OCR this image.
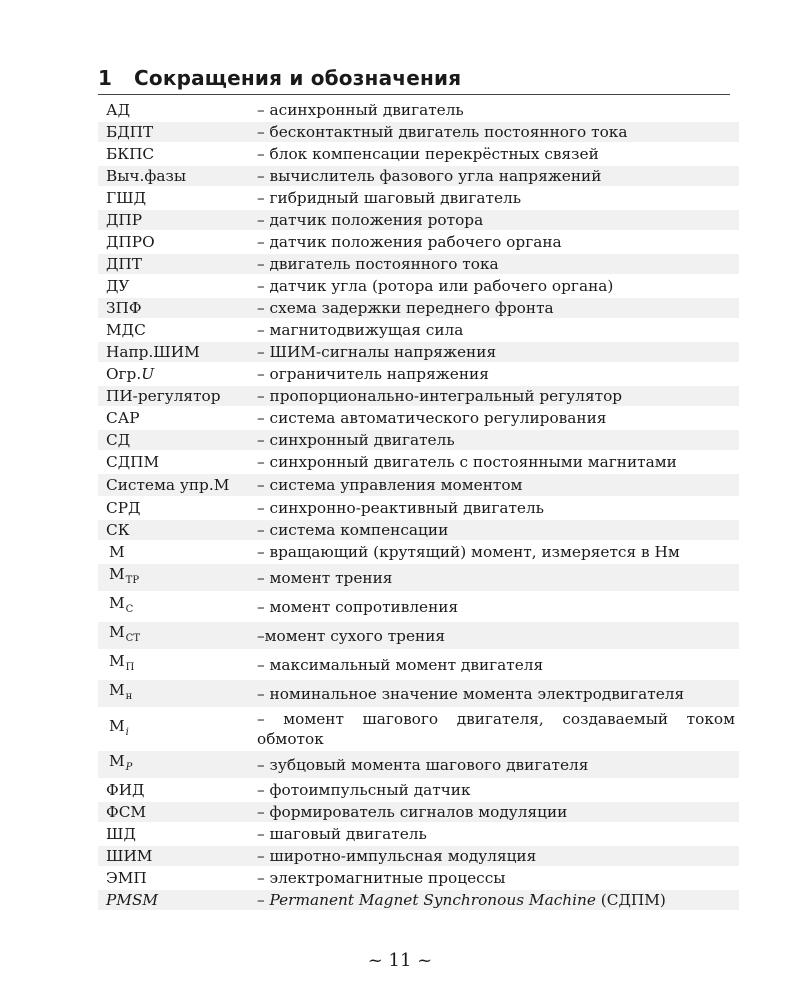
1 Сокращения и обозначения
АД	– асинхронный двигатель
БДПТ	– бесконтактный двигатель постоянного тока
БКПС	– блок компенсации перекрёстных связей
Выч.фазы	– вычислитель фазового угла напряжений
ГШД	– гибридный шаговый двигатель
ДПР	– датчик положения ротора
ДПРО	– датчик положения рабочего органа
ДПТ	– двигатель постоянного тока
ДУ	– датчик угла (ротора или рабочего органа)
ЗПФ	– схема задержки переднего фронта
МДС	– магнитодвижущая сила
Напр.ШИМ	– ШИМ-сигналы напряжения
Огр.U	– ограничитель напряжения
ПИ-регулятор	– пропорционально-интегральный регулятор
САР	– система автоматического регулирования
СД	– синхронный двигатель
СДПМ	– синхронный двигатель с постоянными магнитами
Система упр.М	– система управления моментом
СРД	– синхронно-реактивный двигатель
СК	– система компенсации
М	– вращающий (крутящий) момент, измеряется в Нм
$М_{ТР}$	– момент трения
$М_С$	– момент сопротивления
$М_{СТ}$	–момент сухого трения
$М_П$	– максимальный момент двигателя
$М_н$	– номинальное значение момента электродвигателя
$М_i$	– момент шагового двигателя, создаваемый током обмоток
$М_Р$	– зубцовый момента шагового двигателя
ФИД	– фотоимпульсный датчик
ФСМ	– формирователь сигналов модуляции
ШД	– шаговый двигатель
ШИМ	– широтно-импульсная модуляция
ЭМП	– электромагнитные процессы
PMSM	– Permanent Magnet Synchronous Machine (СДПМ)
~ 11 ~
